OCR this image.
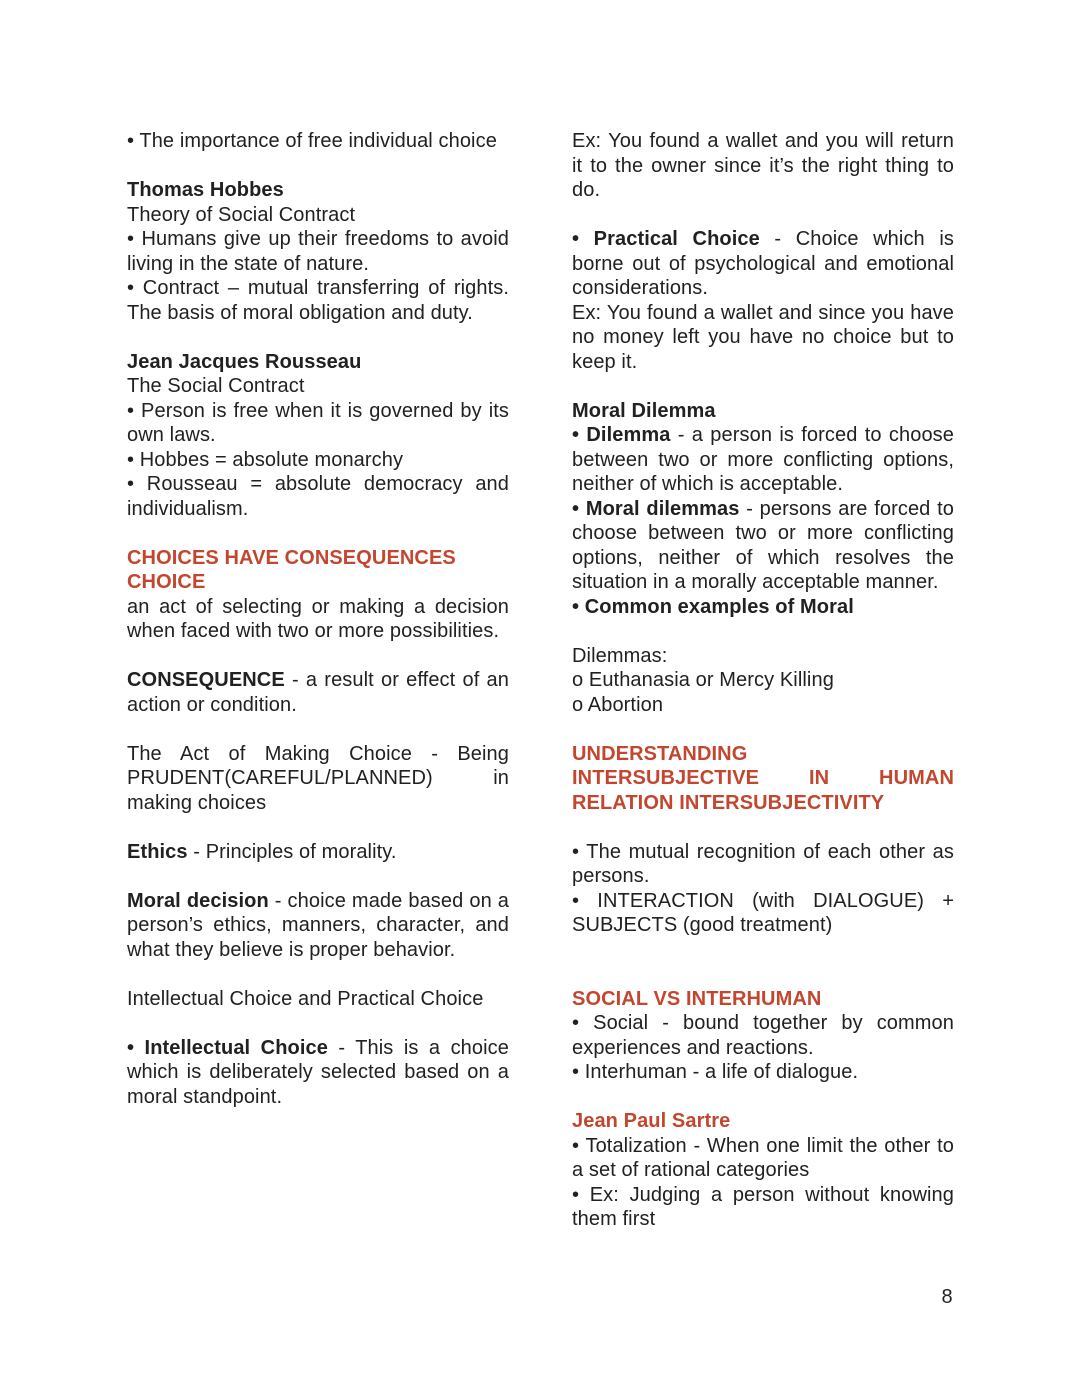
• The importance of free individual choice
Thomas Hobbes
Theory of Social Contract
• Humans give up their freedoms to avoid living in the state of nature.
• Contract – mutual transferring of rights. The basis of moral obligation and duty.
Jean Jacques Rousseau
The Social Contract
• Person is free when it is governed by its own laws.
• Hobbes = absolute monarchy
• Rousseau = absolute democracy and individualism.
CHOICES HAVE CONSEQUENCES
CHOICE
an act of selecting or making a decision when faced with two or more possibilities.
CONSEQUENCE - a result or effect of an action or condition.
The Act of Making Choice - Being PRUDENT(CAREFUL/PLANNED) in making choices
Ethics - Principles of morality.
Moral decision - choice made based on a person’s ethics, manners, character, and what they believe is proper behavior.
Intellectual Choice and Practical Choice
• Intellectual Choice - This is a choice which is deliberately selected based on a moral standpoint.
Ex: You found a wallet and you will return it to the owner since it’s the right thing to do.
• Practical Choice - Choice which is borne out of psychological and emotional considerations.
Ex: You found a wallet and since you have no money left you have no choice but to keep it.
Moral Dilemma
• Dilemma - a person is forced to choose between two or more conflicting options, neither of which is acceptable.
• Moral dilemmas - persons are forced to choose between two or more conflicting options, neither of which resolves the situation in a morally acceptable manner.
• Common examples of Moral
Dilemmas:
o Euthanasia or Mercy Killing
o Abortion
UNDERSTANDING
INTERSUBJECTIVE IN HUMAN
RELATION INTERSUBJECTIVITY
• The mutual recognition of each other as persons.
• INTERACTION (with DIALOGUE) + SUBJECTS (good treatment)
SOCIAL VS INTERHUMAN
• Social - bound together by common experiences and reactions.
• Interhuman - a life of dialogue.
Jean Paul Sartre
• Totalization - When one limit the other to a set of rational categories
• Ex: Judging a person without knowing them first
8
